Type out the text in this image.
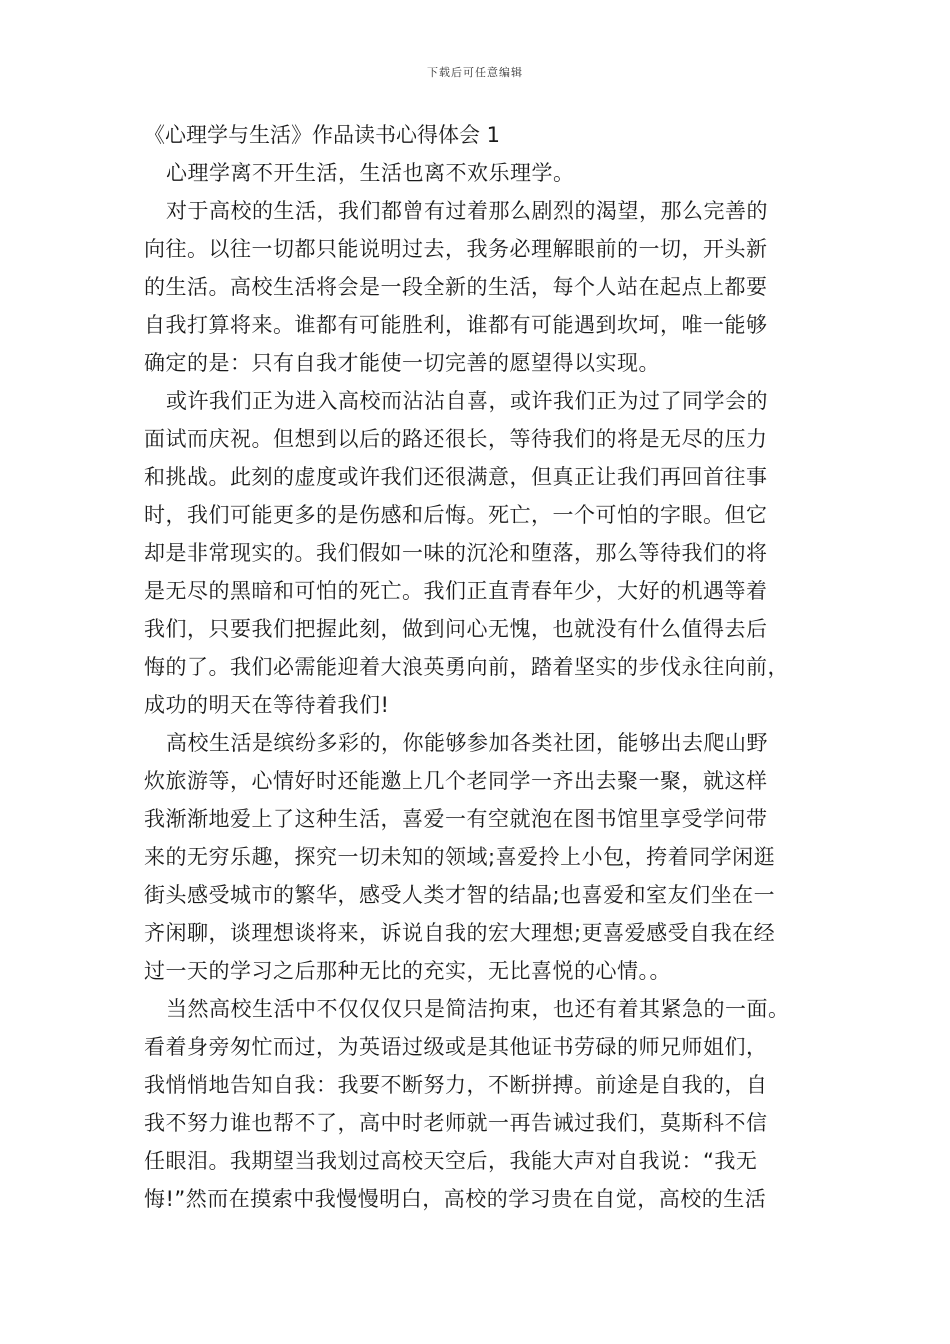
下载后可任意编辑
《心理学与生活》作品读书心得体会 1

心理学离不开生活，生活也离不欢乐理学。

对于高校的生活，我们都曾有过着那么剧烈的渴望，那么完善的
向往。以往一切都只能说明过去，我务必理解眼前的一切，开头新
的生活。高校生活将会是一段全新的生活，每个人站在起点上都要
自我打算将来。谁都有可能胜利，谁都有可能遇到坎坷，唯一能够
确定的是：只有自我才能使一切完善的愿望得以实现。

或许我们正为进入高校而沾沾自喜，或许我们正为过了同学会的
面试而庆祝。但想到以后的路还很长，等待我们的将是无尽的压力
和挑战。此刻的虚度或许我们还很满意，但真正让我们再回首往事
时，我们可能更多的是伤感和后悔。死亡，一个可怕的字眼。但它
却是非常现实的。我们假如一味的沉沦和堕落，那么等待我们的将
是无尽的黑暗和可怕的死亡。我们正直青春年少，大好的机遇等着
我们，只要我们把握此刻，做到问心无愧，也就没有什么值得去后
悔的了。我们必需能迎着大浪英勇向前，踏着坚实的步伐永往向前，
成功的明天在等待着我们!

高校生活是缤纷多彩的，你能够参加各类社团，能够出去爬山野
炊旅游等，心情好时还能邀上几个老同学一齐出去聚一聚，就这样
我渐渐地爱上了这种生活，喜爱一有空就泡在图书馆里享受学问带
来的无穷乐趣，探究一切未知的领域;喜爱拎上小包，挎着同学闲逛
街头感受城市的繁华，感受人类才智的结晶;也喜爱和室友们坐在一
齐闲聊，谈理想谈将来，诉说自我的宏大理想;更喜爱感受自我在经
过一天的学习之后那种无比的充实，无比喜悦的心情。。

当然高校生活中不仅仅仅只是简洁拘束，也还有着其紧急的一面。
看着身旁匆忙而过，为英语过级或是其他证书劳碌的师兄师姐们，
我悄悄地告知自我：我要不断努力，不断拼搏。前途是自我的，自
我不努力谁也帮不了，高中时老师就一再告诫过我们，莫斯科不信
任眼泪。我期望当我划过高校天空后，我能大声对自我说：“我无
悔!”然而在摸索中我慢慢明白，高校的学习贵在自觉，高校的生活
